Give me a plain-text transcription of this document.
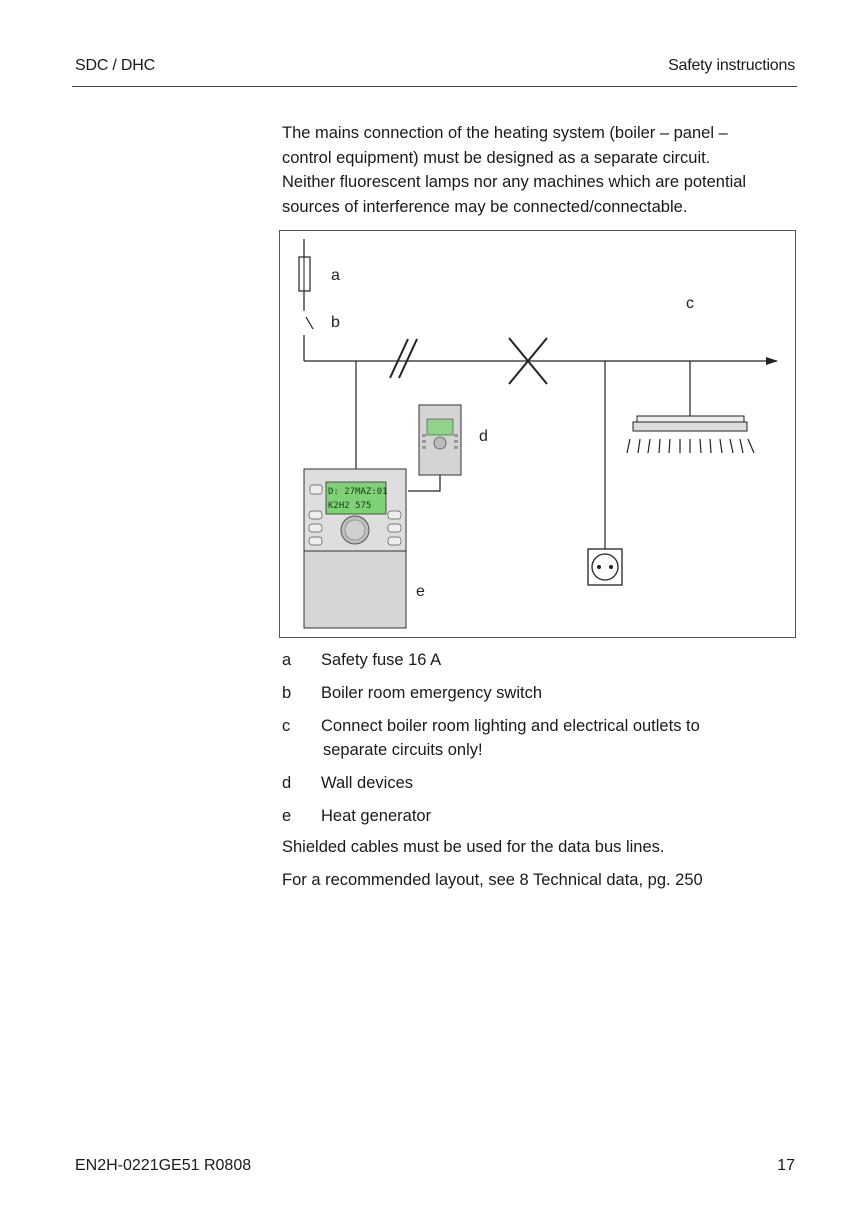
SDC / DHC	Safety instructions

The mains connection of the heating system (boiler – panel –

control equipment) must be designed as a separate circuit.

Neither fluorescent lamps nor any machines which are potential

sources of interference may be connected/connectable.

D: 27MAZ:01
K2H2 575
a
b
c
d
e
a Safety fuse 16 A
b Boiler room emergency switch
c Connect boiler room lighting and electrical outlets to
separate circuits only!
d Wall devices
e Heat generator
Shielded cables must be used for the data bus lines.
For a recommended layout, see 8 Technical data, pg. 250
EN2H-0221GE51 R0808	17
